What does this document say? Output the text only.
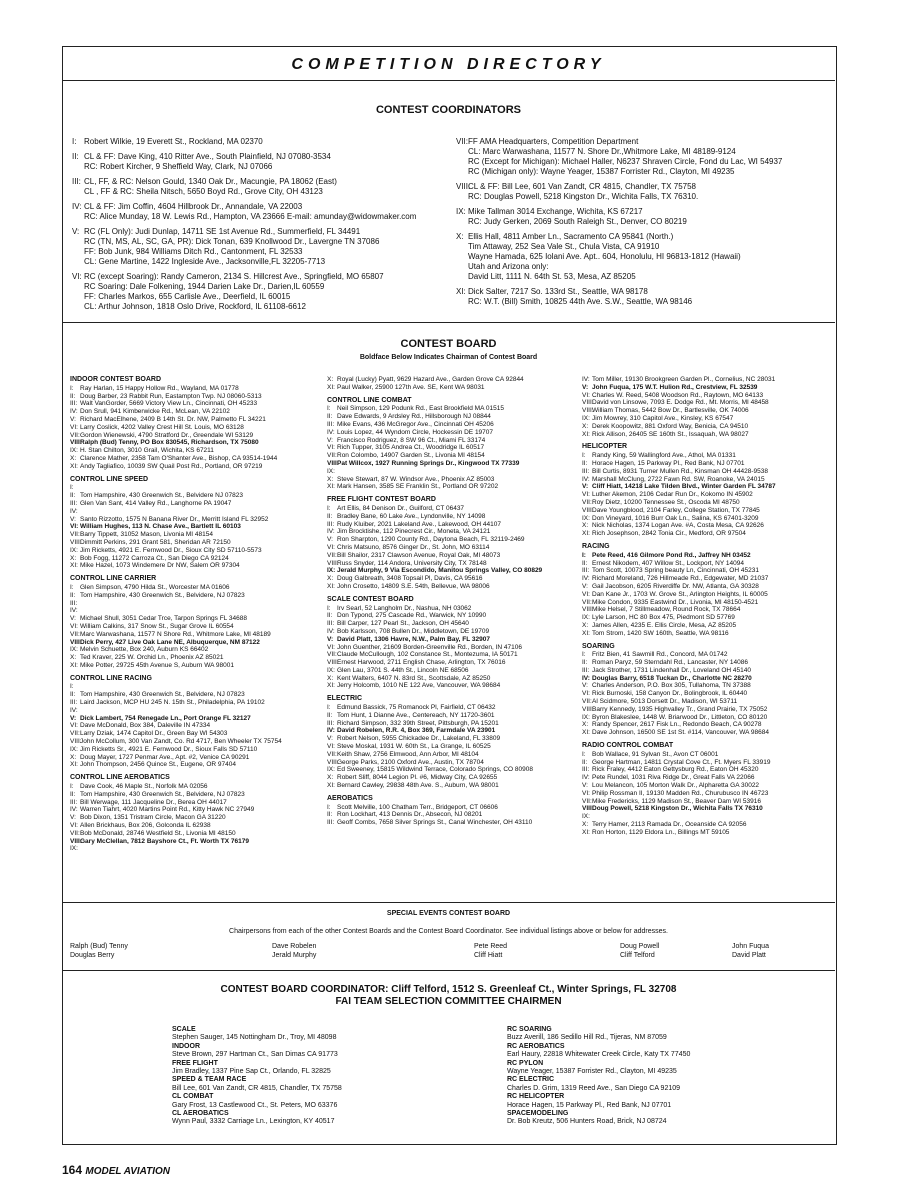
COMPETITION DIRECTORY
CONTEST COORDINATORS
I: Robert Wilkie, 19 Everett St., Rockland, MA 02370
II: CL & FF: Dave King, 410 Ritter Ave., South Plainfield, NJ 07080-3534
RC: Robert Kircher, 9 Sheffield Way, Clark, NJ 07066
III: CL, FF, & RC: Nelson Gould, 1340 Oak Dr., Macungie, PA 18062 (East)
CL , FF & RC: Sheila Nitsch, 5650 Boyd Rd., Grove City, OH 43123
IV: CL & FF: Jim Coffin, 4604 Hillbrook Dr., Annandale, VA 22003
RC: Alice Munday, 18 W. Lewis Rd., Hampton, VA 23666 E-mail: amunday@widowmaker.com
V: RC (FL Only): Judi Dunlap, 14711 SE 1st Avenue Rd., Summerfield, FL 34491
RC (TN, MS, AL, SC, GA, PR): Dick Tonan, 639 Knollwood Dr., Lavergne TN 37086
FF: Bob Junk, 984 Williams Ditch Rd., Cantonment, FL 32533
CL: Gene Martine, 1422 Ingleside Ave., Jacksonville,FL 32205-7713
VI: RC (except Soaring): Randy Cameron, 2134 S. Hillcrest Ave., Springfield, MO 65807
RC Soaring: Dale Folkening, 1944 Darien Lake Dr., Darien,IL 60559
FF: Charles Markos, 655 Carlisle Ave., Deerfield, IL 60015
CL: Arthur Johnson, 1818 Oslo Drive, Rockford, IL 61108-6612
VII: FF AMA Headquarters, Competition Department
CL: Marc Warwashana, 11577 N. Shore Dr.,Whitmore Lake, MI 48189-9124
RC (Except for Michigan): Michael Haller, N6237 Shraven Circle, Fond du Lac, WI 54937
RC (Michigan only): Wayne Yeager, 15387 Forrister Rd., Clayton, MI 49235
VIII:
CL & FF: Bill Lee, 601 Van Zandt, CR 4815, Chandler, TX 75758
RC: Douglas Powell, 5218 Kingston Dr., Wichita Falls, TX 76310.
IX: Mike Tallman 3014 Exchange, Wichita, KS 67217
RC: Judy Gerken, 2069 South Raleigh St., Denver, CO 80219
X: Ellis Hall, 4811 Amber Ln., Sacramento CA 95841 (North.)
Tim Attaway, 252 Sea Vale St., Chula Vista, CA 91910
Wayne Hamada, 625 Iolani Ave. Apt.. 604, Honolulu, HI 96813-1812 (Hawaii)
Utah and Arizona only:
David Litt, 1111 N. 64th St. 53, Mesa, AZ 85205
XI: Dick Salter, 7217 So. 133rd St., Seattle, WA 98178
RC: W.T. (Bill) Smith, 10825 44th Ave. S.W., Seattle, WA 98146
CONTEST BOARD
Boldface Below Indicates Chairman of Contest Board
INDOOR CONTEST BOARD
I: Ray Harlan, 15 Happy Hollow Rd., Wayland, MA 01778
II: Doug Barber, 23 Rabbit Run, Eastampton Twp. NJ 08060-5313
III: Walt VanGorder, 5669 Victory View Ln., Cincinnati, OH 45233
IV: Don Srull, 941 Kimberwicke Rd., McLean, VA 22102
V: Richard MacElhene, 2409 B 14th St. Dr. NW, Palmetto FL 34221
VI: Larry Coslick, 4202 Valley Crest Hill St. Louis, MO 63128
VII: Gordon Wienewski, 4790 Stratford Dr., Greendale WI 53129
VIII:
Ralph (Bud) Tenny, PO Box 830545, Richardson, TX 75080
IX: H. Stan Chilton, 3010 Grail, Wichita, KS 67211
X: Clarence Mather, 2358 Tam O'Shanter Ave., Bishop, CA 93514-1944
XI: Andy Tagliafico, 10039 SW Quail Post Rd., Portland, OR 97219
CONTROL LINE SPEED
I:
II: Tom Hampshire, 430 Greenwich St., Belvidere NJ 07823
III: Glen Van Sant, 414 Valley Rd., Langhorne PA 19047
IV:
V: Santo Rizzotto, 1575 N Banana River Dr., Merritt Island FL 32952
VI: William Hughes, 113 N. Chase Ave., Bartlett IL 60103
VII: Barry Tippett, 31052 Mason, Livonia MI 48154
VIII:
Dimmitt Perkins, 291 Grant 581, Sheridan AR 72150
IX: Jim Ricketts, 4921 E. Fernwood Dr., Sioux City SD 57110-5573
X: Bob Fogg, 11272 Carroza Ct., San Diego CA 92124
XI: Mike Hazel, 1073 Windemere Dr NW, Salem OR 97304
CONTROL LINE CARRIER
I: Glen Simpson, 4790 Hilda St., Worcester MA 01606
II: Tom Hampshire, 430 Greenwich St., Belvidere, NJ 07823
III:
IV:
V: Michael Shull, 3051 Cedar Trce, Tarpon Springs FL 34688
VI: William Calkins, 317 Snow St., Sugar Grove IL 60554
VII: Marc Warwashana, 11577 N Shore Rd., Whitmore Lake, MI 48189
VIII:
Dick Perry, 427 Live Oak Lane NE, Albuquerque, NM 87122
IX: Melvin Schuette, Box 240, Auburn KS 66402
X: Ted Kraver, 225 W. Orchid Ln., Phoenix AZ 85021
XI: Mike Potter, 29725 45th Avenue S, Auburn WA 98001
CONTROL LINE RACING
I:
II: Tom Hampshire, 430 Greenwich St., Belvidere, NJ 07823
III: Laird Jackson, MCP HU 245 N. 15th St., Philadelphia, PA 19102
IV:
V: Dick Lambert, 754 Renegade Ln., Port Orange FL 32127
VI: Dave McDonald, Box 384, Daleville IN 47334
VII: Larry Dziak, 1474 Capitol Dr., Green Bay WI 54303
VIII:
John McCollum, 300 Van Zandt, Co. Rd 4717, Ben Wheeler TX 75754
IX: Jim Ricketts Sr., 4921 E. Fernwood Dr., Sioux Falls SD 57110
X: Doug Mayer, 1727 Penmar Ave., Apt. #2, Venice CA 90291
XI: John Thompson, 2456 Quince St., Eugene, OR 97404
CONTROL LINE AEROBATICS
I: Dave Cook, 46 Maple St., Norfolk MA 02056
II: Tom Hampshire, 430 Greenwich St., Belvidere, NJ 07823
III: Bill Werwage, 111 Jacqueline Dr., Berea OH 44017
IV: Warren Tiahrt, 4020 Martins Point Rd., Kitty Hawk NC 27949
V: Bob Dixon, 1351 Tristram Circle, Macon GA 31220
VI: Allen Brickhaus, Box 206, Golconda IL 62938
VII: Bob McDonald, 28746 Westfield St., Livonia MI 48150
VIII:
Gary McClellan, 7812 Bayshore Ct., Ft. Worth TX 76179
IX:
X: Royal (Lucky) Pyatt, 9629 Hazard Ave., Garden Grove CA 92844
XI: Paul Walker, 25900 127th Ave. SE, Kent WA 98031
CONTROL LINE COMBAT
I: Neil Simpson, 129 Podunk Rd., East Brookfield MA 01515
II: Dave Edwards, 9 Ardsley Rd., Hillsborough NJ 08844
III: Mike Evans, 436 McGregor Ave., Cincinnati OH 45206
IV: Louis Lopez, 44 Wyndom Circle, Hockessin DE 19707
V: Francisco Rodriguez, 8 SW 96 Ct., Miami FL 33174
VI: Rich Tupper, 3105 Andrea Ct., Woodridge IL 60517
VII: Ron Colombo, 14907 Garden St., Livonia MI 48154
VIII:
Pat Willcox, 1927 Running Springs Dr., Kingwood TX 77339
IX:
X: Steve Stewart, 87 W. Windsor Ave., Phoenix AZ 85003
XI: Mark Hansen, 3585 SE Franklin St., Portland OR 97202
FREE FLIGHT CONTEST BOARD
I: Art Ellis, 84 Denison Dr., Guilford, CT 06437
II: Bradley Bane, 60 Lake Ave., Lyndonville, NY 14098
III: Rudy Kluiber, 2021 Lakeland Ave., Lakewood, OH 44107
IV: Jim Brocktishe, 112 Pinecrest Cir., Moneta, VA 24121
V: Ron Sharpton, 1290 County Rd., Daytona Beach, FL 32119-2469
VI: Chris Matsuno, 8576 Ginger Dr., St. John, MO 63114
VII: Bill Shailor, 2317 Clawson Avenue, Royal Oak, MI 48073
VIII:
Russ Snyder, 114 Andora, University City, TX 78148
IX: Jerald Murphy, 9 Via Escondido, Manitou Springs Valley, CO 80829
X: Doug Galbreath, 3408 Topsail Pl, Davis, CA 95616
XI: John Crosetto, 14809 S.E. 54th, Bellevue, WA 98006
SCALE CONTEST BOARD
I: Irv Searl, 52 Langholm Dr., Nashua, NH 03062
II: Don Typond, 275 Cascade Rd., Warwick, NY 10990
III: Bill Carper, 127 Pearl St., Jackson, OH 45640
IV: Bob Karlsson, 708 Bullen Dr., Middletown, DE 19709
V: David Platt, 1306 Havre, N.W., Palm Bay, FL 32907
VI: John Guenther, 21609 Borden-Greenville Rd., Borden, IN 47106
VII: Claude McCullough, 102 Constance St., Montezuma, IA 50171
VIII:
Ernest Harwood, 2711 English Chase, Arlington, TX 76016
IX: Glen Lau, 3701 S. 44th St., Lincoln NE 68506
X: Kent Walters, 6407 N. 83rd St., Scottsdale, AZ 85250
XI: Jerry Holcomb, 1010 NE 122 Ave, Vancouver, WA 98684
ELECTRIC
I: Edmund Bassick, 75 Romanock Pl, Fairfield, CT 06432
II: Tom Hunt, 1 Dianne Ave., Centereach, NY 11720-3601
III: Richard Simpson, 332 39th Street, Pittsburgh, PA 15201
IV: David Robelen, R.R. 4, Box 369, Farmdale VA 23901
V: Robert Nelson, 5955 Chickadee Dr., Lakeland, FL 33809
VI: Steve Moskal, 1931 W. 60th St., La Grange, IL 60525
VII: Keith Shaw, 2756 Elmwood, Ann Arbor, MI 48104
VIII:
George Parks, 2100 Oxford Ave., Austin, TX 78704
IX: Ed Sweeney, 15815 Wildwind Terrace, Colorado Springs, CO 80908
X: Robert Sliff, 8044 Legion Pl. #6, Midway City, CA 92655
XI: Bernard Cawley, 29838 48th Ave. S., Auburn, WA 98001
AEROBATICS
I: Scott Melville, 100 Chatham Terr., Bridgeport, CT 06606
II: Ron Lockhart, 413 Dennis Dr., Absecon, NJ 08201
III: Geoff Combs, 7658 Silver Springs St., Canal Winchester, OH 43110
IV: Tom Miller, 19130 Brookgreen Garden Pl., Cornelius, NC 28031
V: John Fuqua, 175 W.T. Hulion Rd., Crestview, FL 32539
VI: Charles W. Reed, 5408 Woodson Rd., Raytown, MO 64133
VIII:
David von Linsowe, 7093 E. Dodge Rd., Mt. Morris, MI 48458
VIII:
William Thomas, 5442 Bow Dr., Bartlesville, OK 74006
IX: Jim Mowrey, 310 Capitol Ave., Kinsley, KS 67547
X: Derek Koopowitz, 881 Oxford Way, Benicia, CA 94510
XI: Rick Allison, 26405 SE 160th St., Issaquah, WA 98027
HELICOPTER
I: Randy King, 59 Wallingford Ave., Athol, MA 01331
II: Horace Hagen, 15 Parkway Pl., Red Bank, NJ 07701
III: Bill Curtis, 8931 Turner Mullen Rd., Kinsman OH 44428-9538
IV: Marshall McClung, 2722 Fawn Rd. SW, Roanoke, VA 24015
V: Cliff Hiatt, 14218 Lake Tilden Blvd., Winter Garden FL 34787
VI: Luther Akemon, 2106 Cedar Run Dr., Kokomo IN 45902
VII: Roy Dietz, 10200 Tennessee St., Oscoda MI 48750
VIII:
Dave Youngblood, 2104 Farley, College Station, TX 77845
IX: Don Vineyard, 1016 Burr Oak Ln., Salina, KS 67401-3209
X: Nick Nicholas, 1374 Logan Ave. #A, Costa Mesa, CA 92626
XI: Rich Josephson, 2842 Tonia Cir., Medford, OR 97504
RACING
I: Pete Reed, 416 Gilmore Pond Rd., Jaffrey NH 03452
II: Ernest Nikodem, 407 Willow St., Lockport, NY 14094
III: Tom Scott, 10073 Spring beauty Ln, Cincinnati, OH 45231
IV: Richard Moreland, 726 Hillmeade Rd., Edgewater, MD 21037
V: Gail Jacobson, 6205 Riverdiffe Dr. NW, Atlanta, GA 30328
VI: Dan Kane Jr., 1703 W. Grove St., Arlington Heights, IL 60005
VII: Mike Condon, 9335 Eastwind Dr., Livonia, MI 48150-4521
VIII:
Mike Helsel, 7 Stillmeadow, Round Rock, TX 78664
IX: Lyle Larson, HC 80 Box 475, Piedmont SD 57769
X: James Allen, 4235 E. Ellis Circle, Mesa, AZ 85205
XI: Tom Strom, 1420 SW 160th, Seattle, WA 98116
SOARING
I: Fritz Bien, 41 Sawmill Rd., Concord, MA 01742
II: Roman Paryz, 59 Sterndahl Rd., Lancaster, NY 14086
III: Jack Strother, 1731 Lindenhall Dr., Loveland OH 45140
IV: Douglas Barry, 6518 Tuckan Dr., Charlotte NC 28270
V: Charles Anderson, P.O. Box 305, Tullahoma, TN 37388
VI: Rick Burnoski, 158 Canyon Dr., Bolingbrook, IL 60440
VII: Al Scidmore, 5013 Dorsett Dr., Madison, WI 53711
VIII:
Barry Kennedy, 1935 Highvalley Tr., Grand Prairie, TX 75052
IX: Byron Blakeslee, 1448 W. Briarwood Dr., Littleton, CO 80120
X: Randy Spencer, 2617 Fisk Ln., Redondo Beach, CA 90278
XI: Dave Johnson, 16500 SE 1st St. #114, Vancouver, WA 98684
RADIO CONTROL COMBAT
I: Bob Wallace, 91 Sylvan St., Avon CT 06001
II: George Hartman, 14811 Crystal Cove Ct., Ft. Myers FL 33919
III: Rick Fraley, 4412 Eaton Gettysburg Rd., Eaton OH 45320
IV: Pete Rundel, 1031 Riva Ridge Dr., Great Falls VA 22066
V: Lou Melancon, 105 Morton Walk Dr., Alpharetta GA 30022
VI: Philip Rossman II, 19130 Madden Rd., Churubusco IN 46723
VII: Mike Fredericks, 1129 Madison St., Beaver Dam WI 53916
VIII:
Doug Powell, 5218 Kingston Dr., Wichita Falls TX 76310
IX:
X: Terry Hamer, 2113 Ramada Dr., Oceanside CA 92056
XI: Ron Horton, 1129 Eldora Ln., Billings MT 59105
SPECIAL EVENTS CONTEST BOARD
Chairpersons from each of the other Contest Boards and the Contest Board Coordinator. See individual listings above or below for addresses.
Ralph (Bud) Tenny
Douglas Berry
Dave Robelen
Jerald Murphy
Pete Reed
Cliff Hiatt
Doug Powell
Cliff Telford
John Fuqua
David Platt
CONTEST BOARD COORDINATOR: Cliff Telford, 1512 S. Greenleaf Ct., Winter Springs, FL 32708
FAI TEAM SELECTION COMMITTEE CHAIRMEN
SCALE
Stephen Sauger, 145 Nottingham Dr., Troy, MI 48098
INDOOR
Steve Brown, 297 Hartman Ct., San Dimas CA 91773
FREE FLIGHT
Jim Bradley, 1337 Pine Sap Ct., Orlando, FL 32825
SPEED & TEAM RACE
Bill Lee, 601 Van Zandt, CR 4815, Chandler, TX 75758
CL COMBAT
Gary Frost, 13 Castlewood Ct., St. Peters, MO 63376
CL AEROBATICS
Wynn Paul, 3332 Carriage Ln., Lexington, KY 40517
RC SOARING
Buzz Averill, 186 Sedillo Hill Rd., Tijeras, NM 87059
RC AEROBATICS
Earl Haury, 22818 Whitewater Creek Circle, Katy TX 77450
RC PYLON
Wayne Yeager, 15387 Forrister Rd., Clayton, MI 49235
RC ELECTRIC
Charles D. Grim, 1319 Reed Ave., San Diego CA 92109
RC HELICOPTER
Horace Hagen, 15 Parkway Pl., Red Bank, NJ 07701
SPACEMODELING
Dr. Bob Kreutz, 506 Hunters Road, Brick, NJ 08724
164 MODEL AVIATION
